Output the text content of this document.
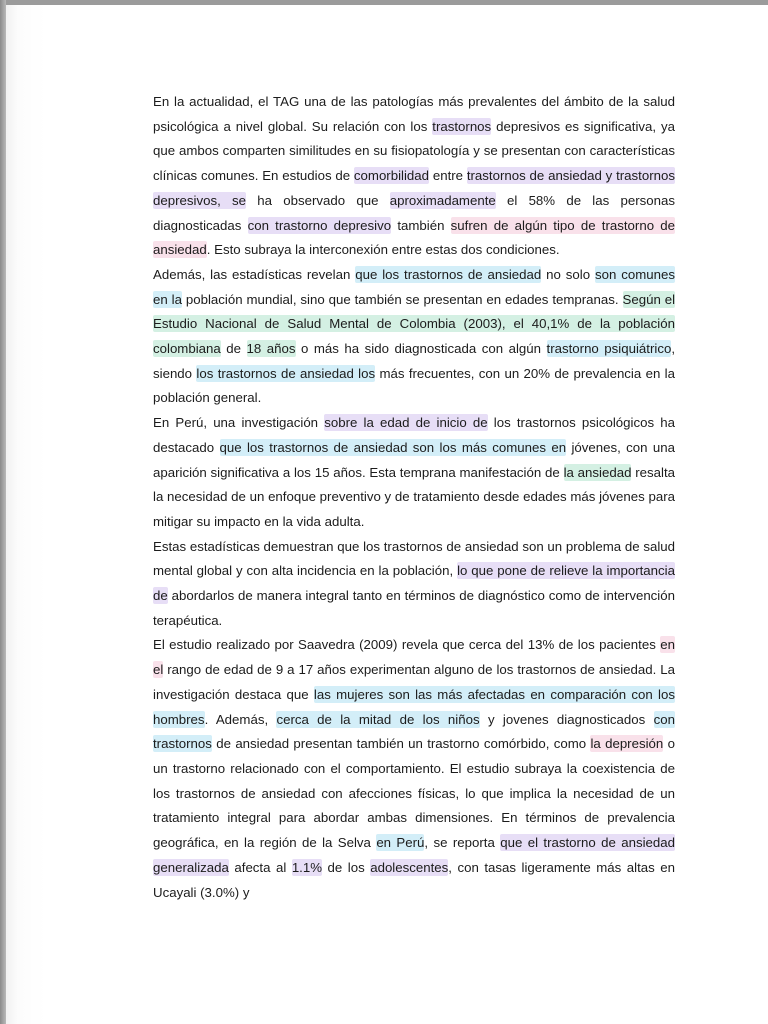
En la actualidad, el TAG una de las patologías más prevalentes del ámbito de la salud psicológica a nivel global. Su relación con los trastornos depresivos es significativa, ya que ambos comparten similitudes en su fisiopatología y se presentan con características clínicas comunes. En estudios de comorbilidad entre trastornos de ansiedad y trastornos depresivos, se ha observado que aproximadamente el 58% de las personas diagnosticadas con trastorno depresivo también sufren de algún tipo de trastorno de ansiedad. Esto subraya la interconexión entre estas dos condiciones.

Además, las estadísticas revelan que los trastornos de ansiedad no solo son comunes en la población mundial, sino que también se presentan en edades tempranas. Según el Estudio Nacional de Salud Mental de Colombia (2003), el 40,1% de la población colombiana de 18 años o más ha sido diagnosticada con algún trastorno psiquiátrico, siendo los trastornos de ansiedad los más frecuentes, con un 20% de prevalencia en la población general.

En Perú, una investigación sobre la edad de inicio de los trastornos psicológicos ha destacado que los trastornos de ansiedad son los más comunes en jóvenes, con una aparición significativa a los 15 años. Esta temprana manifestación de la ansiedad resalta la necesidad de un enfoque preventivo y de tratamiento desde edades más jóvenes para mitigar su impacto en la vida adulta.

Estas estadísticas demuestran que los trastornos de ansiedad son un problema de salud mental global y con alta incidencia en la población, lo que pone de relieve la importancia de abordarlos de manera integral tanto en términos de diagnóstico como de intervención terapéutica.

El estudio realizado por Saavedra (2009) revela que cerca del 13% de los pacientes en el rango de edad de 9 a 17 años experimentan alguno de los trastornos de ansiedad. La investigación destaca que las mujeres son las más afectadas en comparación con los hombres. Además, cerca de la mitad de los niños y jovenes diagnosticados con trastornos de ansiedad presentan también un trastorno comórbido, como la depresión o un trastorno relacionado con el comportamiento. El estudio subraya la coexistencia de los trastornos de ansiedad con afecciones físicas, lo que implica la necesidad de un tratamiento integral para abordar ambas dimensiones. En términos de prevalencia geográfica, en la región de la Selva en Perú, se reporta que el trastorno de ansiedad generalizada afecta al 1.1% de los adolescentes, con tasas ligeramente más altas en Ucayali (3.0%) y
